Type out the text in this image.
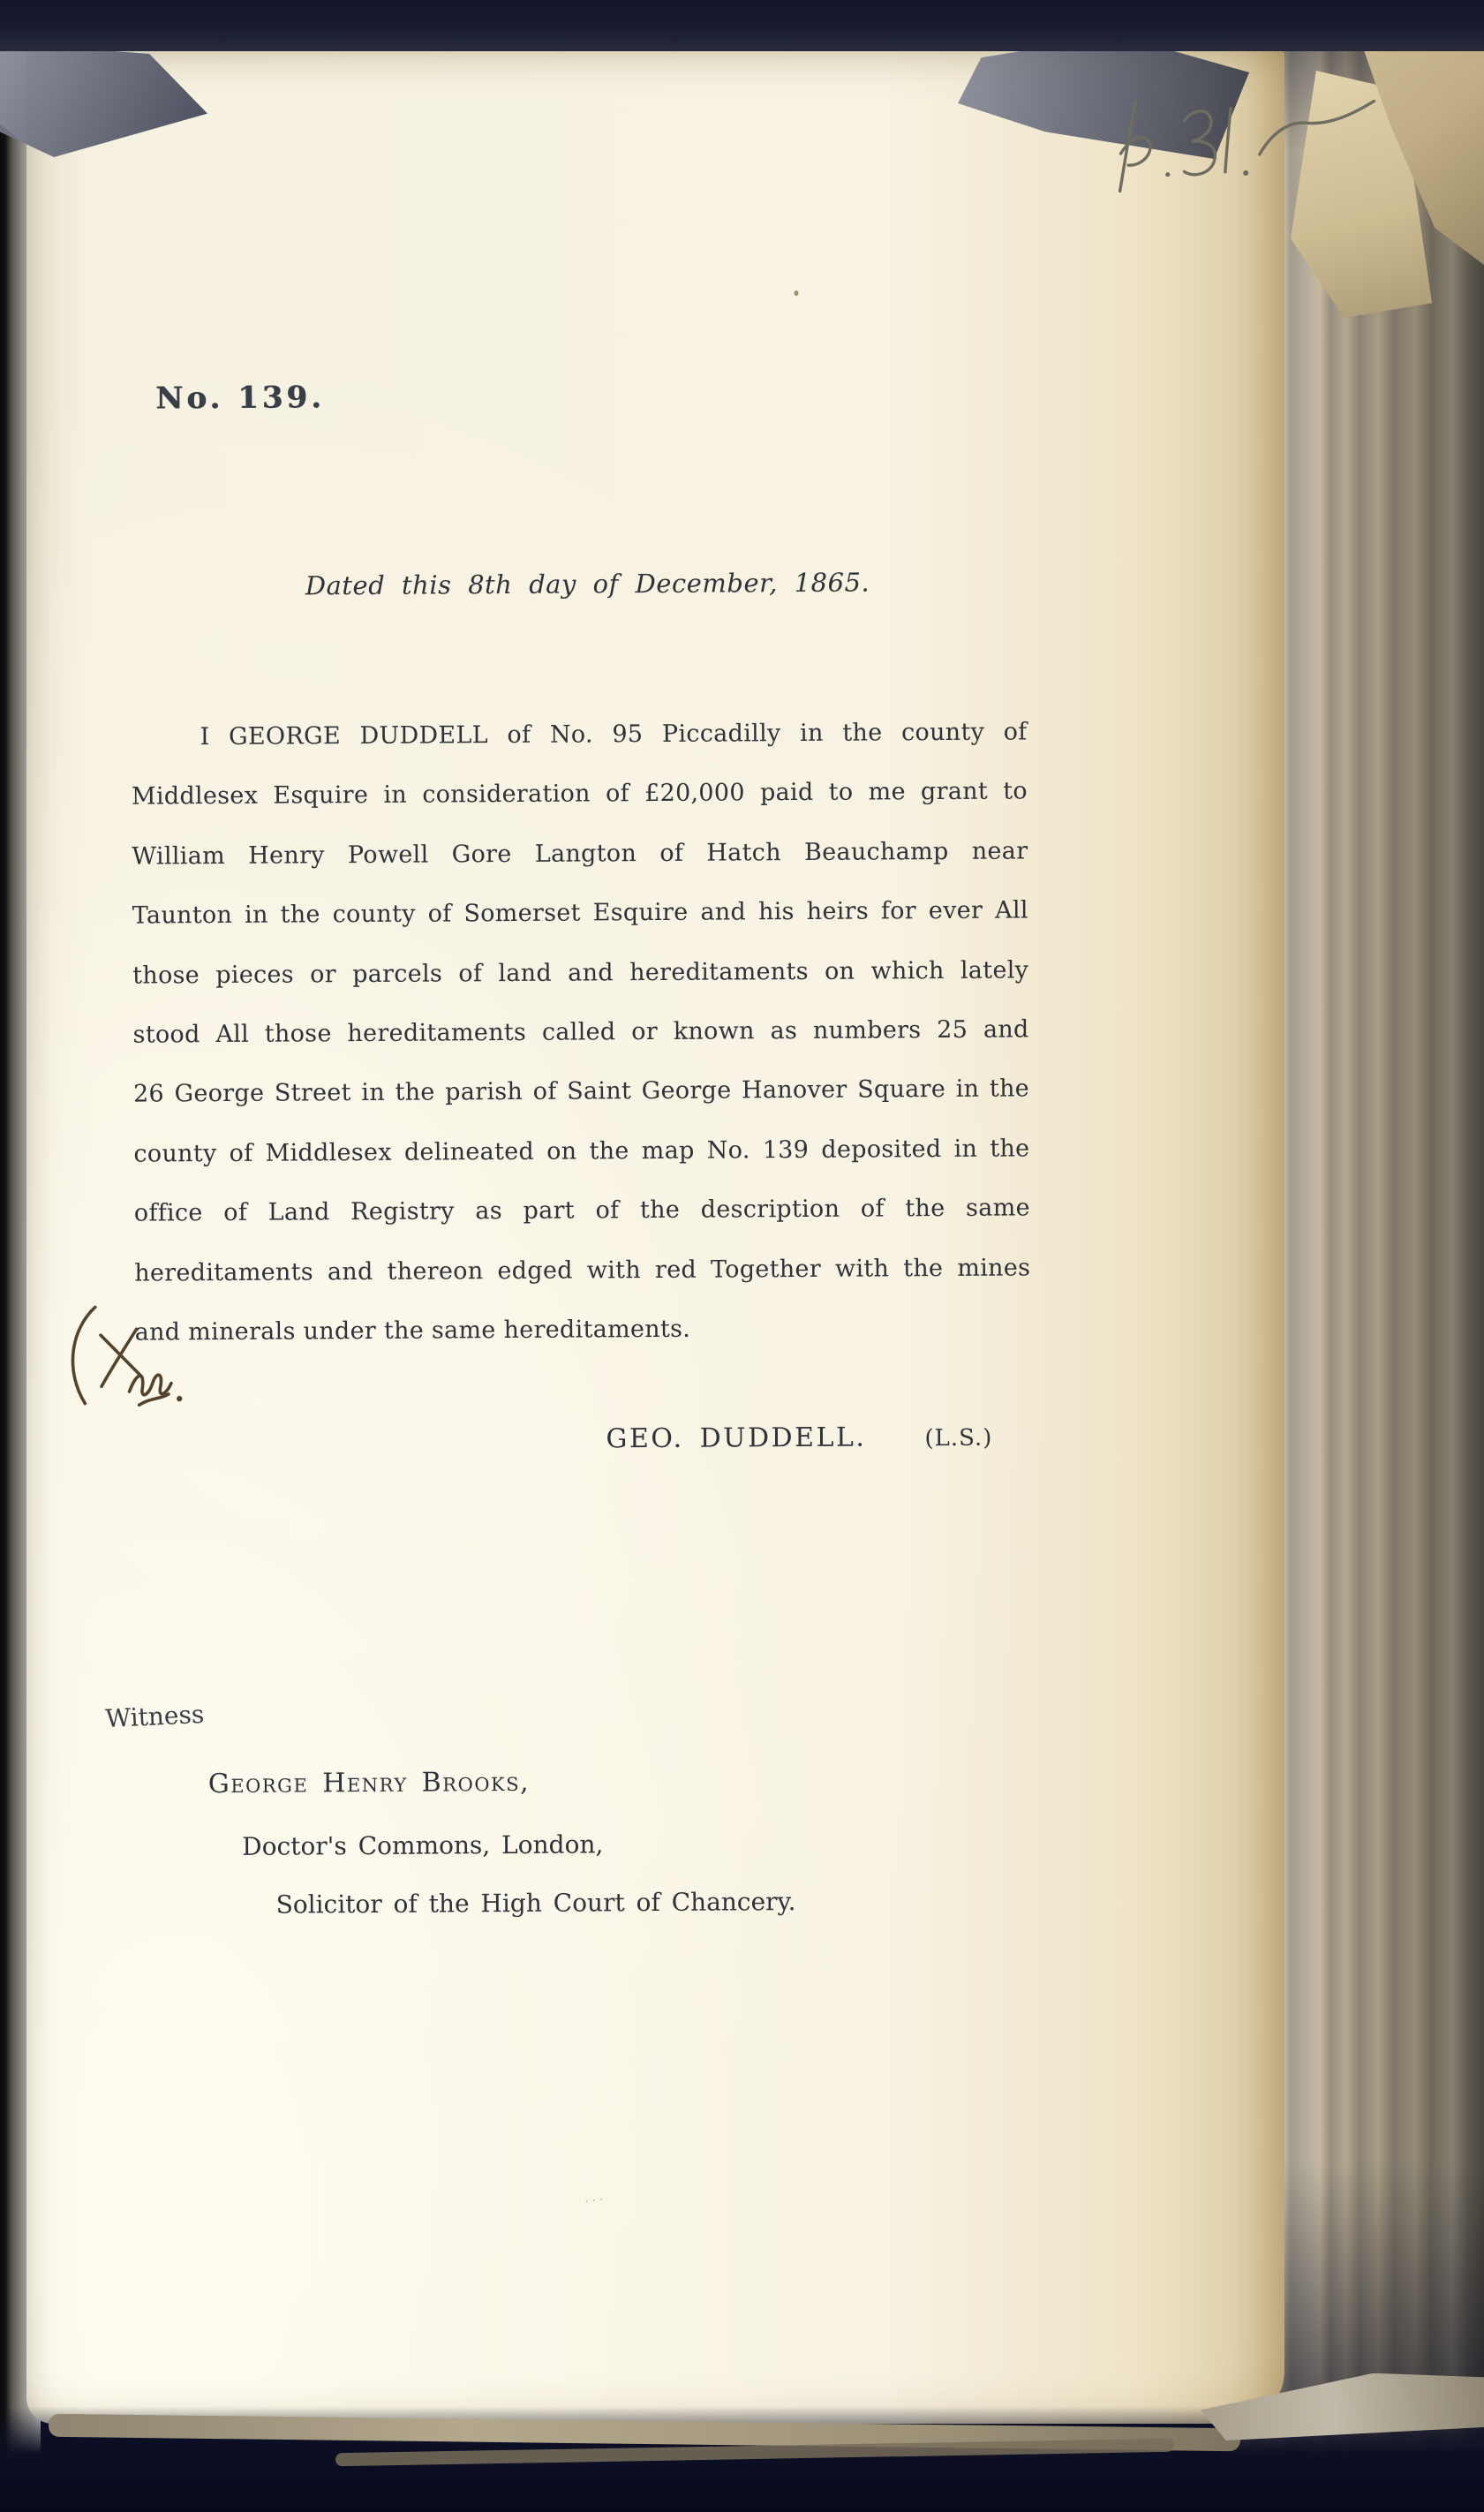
No. 139.
Dated this 8th day of December, 1865.
I GEORGE DUDDELL of No. 95 Piccadilly in the county of
Middlesex Esquire in consideration of £20,000 paid to me grant to
William Henry Powell Gore Langton of Hatch Beauchamp near
Taunton in the county of Somerset Esquire and his heirs for ever All
those pieces or parcels of land and hereditaments on which lately
stood All those hereditaments called or known as numbers 25 and
26 George Street in the parish of Saint George Hanover Square in the
county of Middlesex delineated on the map No. 139 deposited in the
office of Land Registry as part of the description of the same
hereditaments and thereon edged with red Together with the mines
and minerals under the same hereditaments.
GEO. DUDDELL.	(L.S.)
Witness
George Henry Brooks,
Doctor's Commons, London,
Solicitor of the High Court of Chancery.
...
